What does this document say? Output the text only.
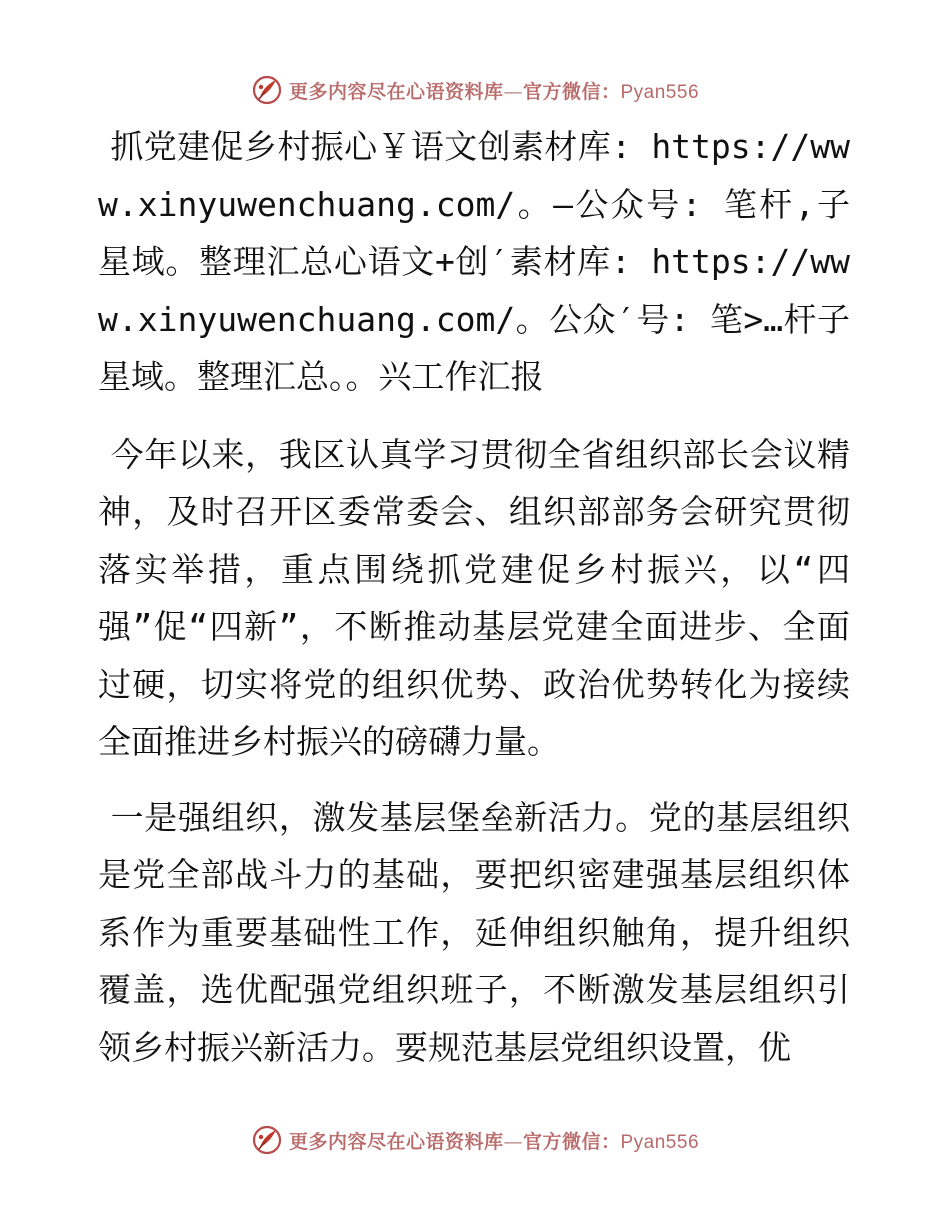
更多内容尽在心语资料库—官方微信：Pyan556

抓党建促乡村振心￥语文创素材库: https://www.xinyuwenchuang.com/。—公众号: 笔杆,子星域。整理汇总心语文+创′素材库: https://www.xinyuwenchuang.com/。公众′号: 笔>…杆子星域。整理汇总。。兴工作汇报

今年以来，我区认真学习贯彻全省组织部长会议精神，及时召开区委常委会、组织部部务会研究贯彻落实举措，重点围绕抓党建促乡村振兴，以“四强”促“四新”，不断推动基层党建全面进步、全面过硬，切实将党的组织优势、政治优势转化为接续全面推进乡村振兴的磅礴力量。

一是强组织，激发基层堡垒新活力。党的基层组织是党全部战斗力的基础，要把织密建强基层组织体系作为重要基础性工作，延伸组织触角，提升组织覆盖，选优配强党组织班子，不断激发基层组织引领乡村振兴新活力。要规范基层党组织设置，优

更多内容尽在心语资料库—官方微信：Pyan556
